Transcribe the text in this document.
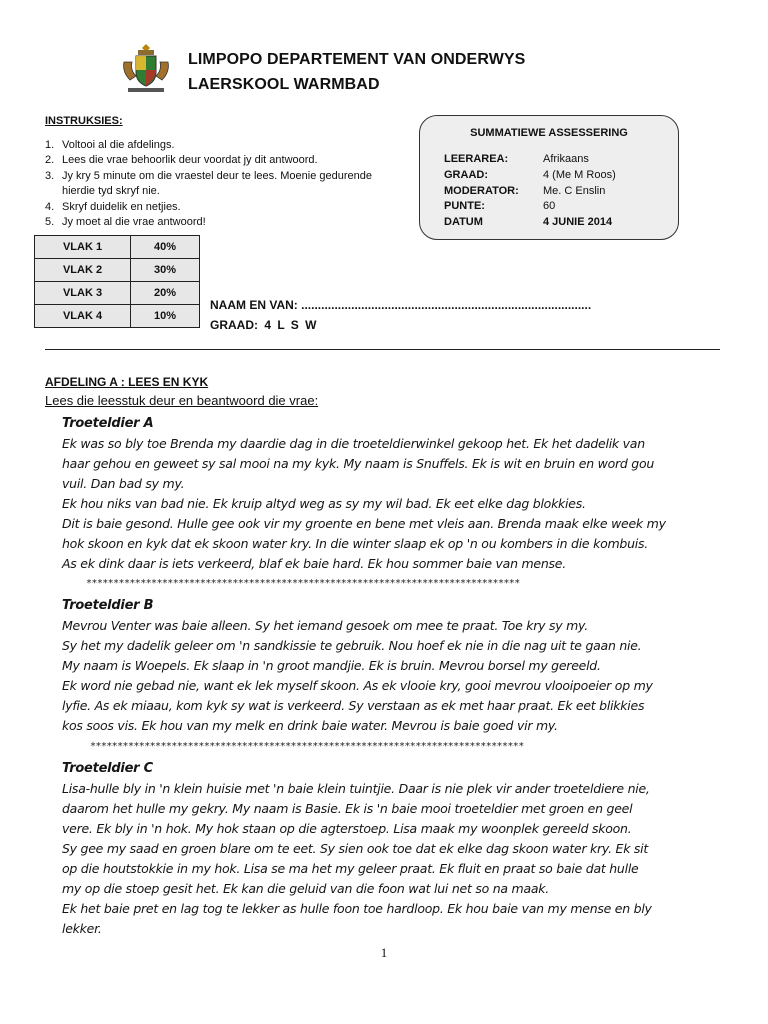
LIMPOPO DEPARTEMENT VAN ONDERWYS
LAERSKOOL WARMBAD
INSTRUKSIES:
1. Voltooi al die afdelings.
2. Lees die vrae behoorlik deur voordat jy dit antwoord.
3. Jy kry 5 minute om die vraestel deur te lees. Moenie gedurende hierdie tyd skryf nie.
4. Skryf duidelik en netjies.
5. Jy moet al die vrae antwoord!
SUMMATIEWE ASSESSERING
LEERAREA:	Afrikaans
GRAAD:	4 (Me M Roos)
MODERATOR:	Me. C Enslin
PUNTE:	60
DATUM	4 JUNIE 2014
VLAK 1	40%
VLAK 2	30%
VLAK 3	20%
VLAK 4	10%
NAAM EN VAN: .......................................................................................
GRAAD: 4 L S W
AFDELING A : LEES EN KYK
Lees die leesstuk deur en beantwoord die vrae:
Troeteldier A
Ek was so bly toe Brenda my daardie dag in die troeteldierwinkel gekoop het. Ek het dadelik van
haar gehou en geweet sy sal mooi na my kyk. My naam is Snuffels. Ek is wit en bruin en word gou
vuil. Dan bad sy my.
Ek hou niks van bad nie. Ek kruip altyd weg as sy my wil bad. Ek eet elke dag blokkies.
Dit is baie gesond. Hulle gee ook vir my groente en bene met vleis aan. Brenda maak elke week my
hok skoon en kyk dat ek skoon water kry. In die winter slaap ek op 'n ou kombers in die kombuis.
As ek dink daar is iets verkeerd, blaf ek baie hard. Ek hou sommer baie van mense.
********************************************************************************
Troeteldier B
Mevrou Venter was baie alleen. Sy het iemand gesoek om mee te praat. Toe kry sy my.
Sy het my dadelik geleer om 'n sandkissie te gebruik. Nou hoef ek nie in die nag uit te gaan nie.
My naam is Woepels. Ek slaap in 'n groot mandjie. Ek is bruin. Mevrou borsel my gereeld.
Ek word nie gebad nie, want ek lek myself skoon. As ek vlooie kry, gooi mevrou vlooipoeier op my
lyfie. As ek miaau, kom kyk sy wat is verkeerd. Sy verstaan as ek met haar praat. Ek eet blikkies
kos soos vis. Ek hou van my melk en drink baie water. Mevrou is baie goed vir my.
********************************************************************************
Troeteldier C
Lisa-hulle bly in 'n klein huisie met 'n baie klein tuintjie. Daar is nie plek vir ander troeteldiere nie,
daarom het hulle my gekry. My naam is Basie. Ek is 'n baie mooi troeteldier met groen en geel
vere. Ek bly in 'n hok. My hok staan op die agterstoep. Lisa maak my woonplek gereeld skoon.
Sy gee my saad en groen blare om te eet. Sy sien ook toe dat ek elke dag skoon water kry. Ek sit
op die houtstokkie in my hok. Lisa se ma het my geleer praat. Ek fluit en praat so baie dat hulle
my op die stoep gesit het. Ek kan die geluid van die foon wat lui net so na maak.
Ek het baie pret en lag tog te lekker as hulle foon toe hardloop. Ek hou baie van my mense en bly
lekker.
1
